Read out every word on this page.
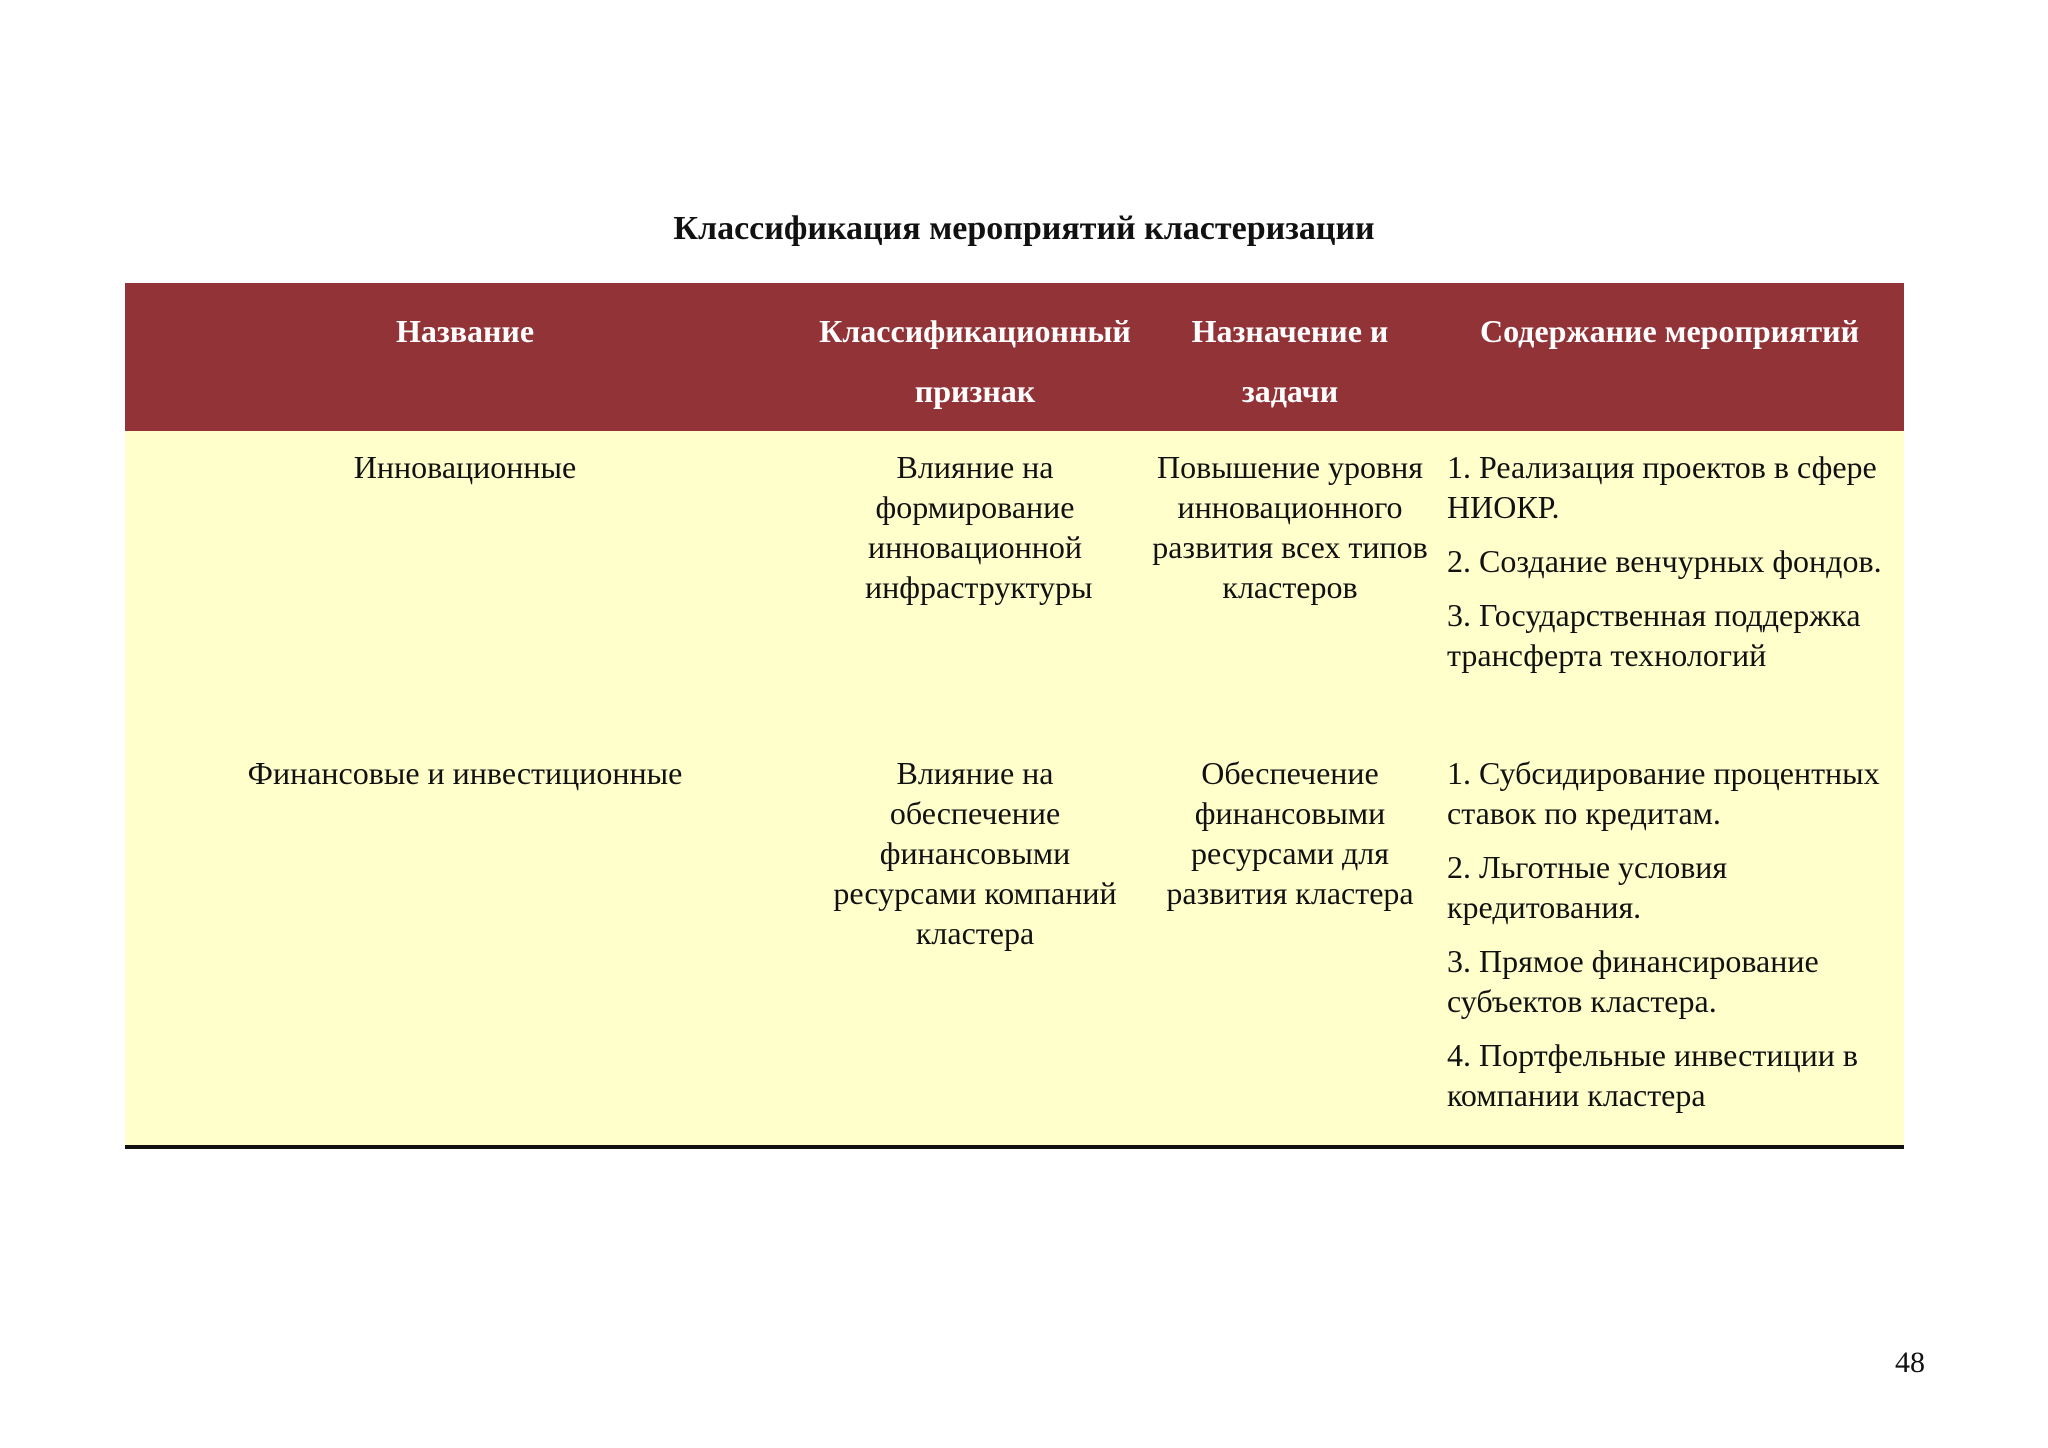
Классификация мероприятий кластеризации
Название	Классификационный признак	Назначение и задачи	Содержание мероприятий

Инновационные	Влияние на формирование инновационной инфраструктуры	Повышение уровня инновационного развития всех типов кластеров	1. Реализация проектов в сфере НИОКР.
2. Создание венчурных фондов.
3. Государственная поддержка трансферта технологий

Финансовые и инвестиционные	Влияние на обеспечение финансовыми ресурсами компаний кластера	Обеспечение финансовыми ресурсами для развития кластера	1. Субсидирование процентных ставок по кредитам.
2. Льготные условия кредитования.
3. Прямое финансирование субъектов кластера.
4. Портфельные инвестиции в компании кластера
48
